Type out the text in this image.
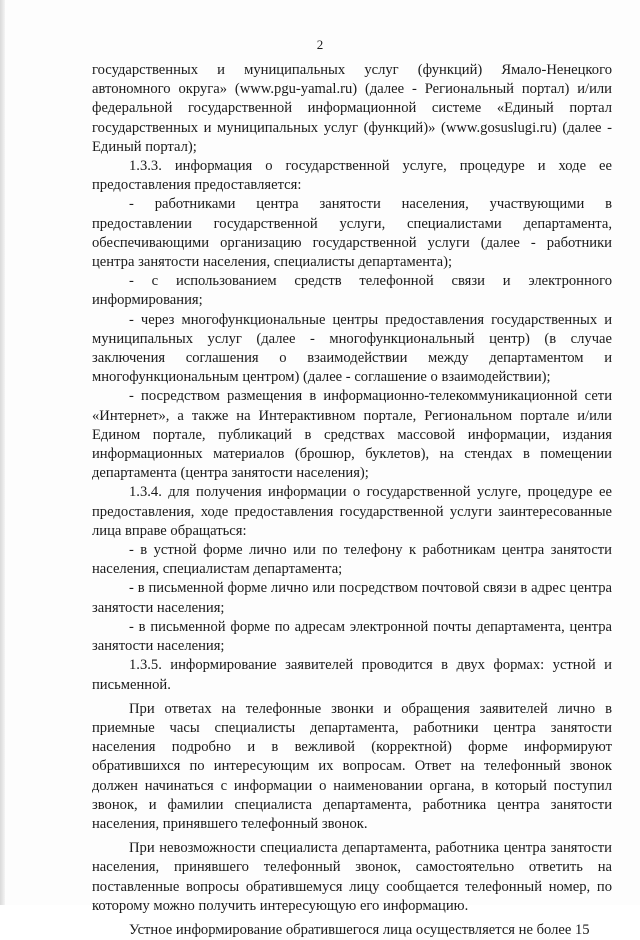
2

государственных и муниципальных услуг (функций) Ямало-Ненецкого автономного округа» (www.pgu-yamal.ru) (далее - Региональный портал) и/или федеральной государственной информационной системе «Единый портал государственных и муниципальных услуг (функций)» (www.gosuslugi.ru) (далее - Единый портал);

1.3.3. информация о государственной услуге, процедуре и ходе ее предоставления предоставляется:

- работниками центра занятости населения, участвующими в предоставлении государственной услуги, специалистами департамента, обеспечивающими организацию государственной услуги (далее - работники центра занятости населения, специалисты департамента);

- с использованием средств телефонной связи и электронного информирования;

- через многофункциональные центры предоставления государственных и муниципальных услуг (далее - многофункциональный центр) (в случае заключения соглашения о взаимодействии между департаментом и многофункциональным центром) (далее - соглашение о взаимодействии);

- посредством размещения в информационно-телекоммуникационной сети «Интернет», а также на Интерактивном портале, Региональном портале и/или Едином портале, публикаций в средствах массовой информации, издания информационных материалов (брошюр, буклетов), на стендах в помещении департамента (центра занятости населения);

1.3.4. для получения информации о государственной услуге, процедуре ее предоставления, ходе предоставления государственной услуги заинтересованные лица вправе обращаться:

- в устной форме лично или по телефону к работникам центра занятости населения, специалистам департамента;

- в письменной форме лично или посредством почтовой связи в адрес центра занятости населения;

- в письменной форме по адресам электронной почты департамента, центра занятости населения;

1.3.5. информирование заявителей проводится в двух формах: устной и письменной.

При ответах на телефонные звонки и обращения заявителей лично в приемные часы специалисты департамента, работники центра занятости населения подробно и в вежливой (корректной) форме информируют обратившихся по интересующим их вопросам. Ответ на телефонный звонок должен начинаться с информации о наименовании органа, в который поступил звонок, и фамилии специалиста департамента, работника центра занятости населения, принявшего телефонный звонок.

При невозможности специалиста департамента, работника центра занятости населения, принявшего телефонный звонок, самостоятельно ответить на поставленные вопросы обратившемуся лицу сообщается телефонный номер, по которому можно получить интересующую его информацию.

Устное информирование обратившегося лица осуществляется не более 15
